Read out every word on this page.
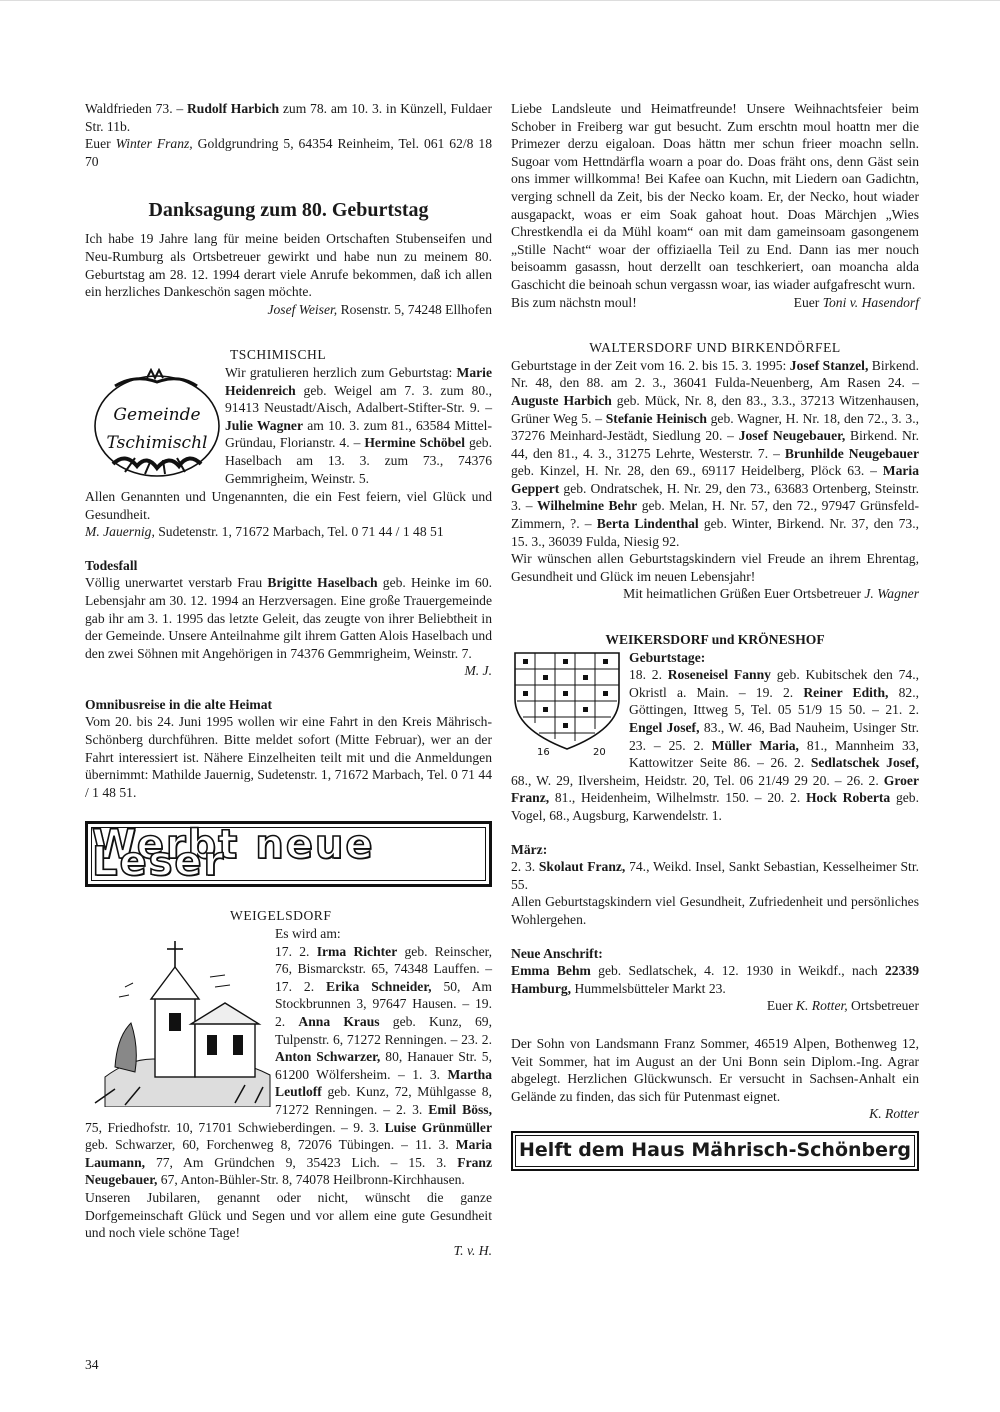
Waldfrieden 73. – Rudolf Harbich zum 78. am 10. 3. in Künzell, Fuldaer Str. 11b.

Euer Winter Franz, Goldgrundring 5, 64354 Reinheim, Tel. 061 62/8 18 70

Danksagung zum 80. Geburtstag

Ich habe 19 Jahre lang für meine beiden Ortschaften Stubenseifen und Neu-Rumburg als Ortsbetreuer gewirkt und habe nun zu meinem 80. Geburtstag am 28. 12. 1994 derart viele Anrufe bekommen, daß ich allen ein herzliches Dankeschön sagen möchte.

Josef Weiser, Rosenstr. 5, 74248 Ellhofen

TSCHIMISCHL
Gemeinde
Tschimischl

Wir gratulieren herzlich zum Geburtstag: Marie Heidenreich geb. Weigel am 7. 3. zum 80., 91413 Neustadt/Aisch, Adalbert-Stifter-Str. 9. – Julie Wagner am 10. 3. zum 81., 63584 Mittel-Gründau, Florianstr. 4. – Hermine Schöbel geb. Haselbach am 13. 3. zum 73., 74376 Gemmrigheim, Weinstr. 5.

Allen Genannten und Ungenannten, die ein Fest feiern, viel Glück und Gesundheit.

M. Jauernig, Sudetenstr. 1, 71672 Marbach, Tel. 0 71 44 / 1 48 51

Todesfall

Völlig unerwartet verstarb Frau Brigitte Haselbach geb. Heinke im 60. Lebensjahr am 30. 12. 1994 an Herzversagen. Eine große Trauergemeinde gab ihr am 3. 1. 1995 das letzte Geleit, das zeugte von ihrer Beliebtheit in der Gemeinde. Unsere Anteilnahme gilt ihrem Gatten Alois Haselbach und den zwei Söhnen mit Angehörigen in 74376 Gemmrigheim, Weinstr. 7.

M. J.

Omnibusreise in die alte Heimat

Vom 20. bis 24. Juni 1995 wollen wir eine Fahrt in den Kreis Mährisch-Schönberg durchführen. Bitte meldet sofort (Mitte Februar), wer an der Fahrt interessiert ist. Nähere Einzelheiten teilt mit und die Anmeldungen übernimmt: Mathilde Jauernig, Sudetenstr. 1, 71672 Marbach, Tel. 0 71 44 / 1 48 51.

Werbt neue Leser
WEIGELSDORF

Es wird am:
17. 2. Irma Richter geb. Reinscher, 76, Bismarckstr. 65, 74348 Lauffen. – 17. 2. Erika Schneider, 50, Am Stockbrunnen 3, 97647 Hausen. – 19. 2. Anna Kraus geb. Kunz, 69, Tulpenstr. 6, 71272 Renningen. – 23. 2. Anton Schwarzer, 80, Hanauer Str. 5, 61200 Wölfersheim. – 1. 3. Martha Leutloff geb. Kunz, 72, Mühlgasse 8, 71272 Renningen. – 2. 3. Emil Böss, 75, Friedhofstr. 10, 71701 Schwieberdingen. – 9. 3. Luise Grünmüller geb. Schwarzer, 60, Forchenweg 8, 72076 Tübingen. – 11. 3. Maria Laumann, 77, Am Gründchen 9, 35423 Lich. – 15. 3. Franz Neugebauer, 67, Anton-Bühler-Str. 8, 74078 Heilbronn-Kirchhausen.

Unseren Jubilaren, genannt oder nicht, wünscht die ganze Dorfgemeinschaft Glück und Segen und vor allem eine gute Gesundheit und noch viele schöne Tage!

T. v. H.

Liebe Landsleute und Heimatfreunde! Unsere Weihnachtsfeier beim Schober in Freiberg war gut besucht. Zum erschtn moul hoattn mer die Primezer derzu eigaloan. Doas hättn mer schun frieer moachn selln. Sugoar vom Hettndärfla woarn a poar do. Doas fräht ons, denn Gäst sein ons immer willkomma! Bei Kafee oan Kuchn, mit Liedern oan Gadichtn, verging schnell da Zeit, bis der Necko koam. Er, der Necko, hout wiader ausgapackt, woas er eim Soak gahoat hout. Doas Märchjen „Wies Chrestkendla ei da Mühl koam“ oan mit dam gameinsoam gasongenem „Stille Nacht“ woar der offiziaella Teil zu End. Dann ias mer nouch beisoamm gasassn, hout derzellt oan teschkeriert, oan moancha alda Gaschicht die beinoah schun vergassn woar, ias wiader aufgafrescht wurn.

Bis zum nächstn moul!	Euer Toni v. Hasendorf
WALTERSDORF UND BIRKENDÖRFEL

Geburtstage in der Zeit vom 16. 2. bis 15. 3. 1995: Josef Stanzel, Birkend. Nr. 48, den 88. am 2. 3., 36041 Fulda-Neuenberg, Am Rasen 24. – Auguste Harbich geb. Mück, Nr. 8, den 83., 3.3., 37213 Witzenhausen, Grüner Weg 5. – Stefanie Heinisch geb. Wagner, H. Nr. 18, den 72., 3. 3., 37276 Meinhard-Jestädt, Siedlung 20. – Josef Neugebauer, Birkend. Nr. 44, den 81., 4. 3., 31275 Lehrte, Westerstr. 7. – Brunhilde Neugebauer geb. Kinzel, H. Nr. 28, den 69., 69117 Heidelberg, Plöck 63. – Maria Geppert geb. Ondratschek, H. Nr. 29, den 73., 63683 Ortenberg, Steinstr. 3. – Wilhelmine Behr geb. Melan, H. Nr. 57, den 72., 97947 Grünsfeld-Zimmern, ?. – Berta Lindenthal geb. Winter, Birkend. Nr. 37, den 73., 15. 3., 36039 Fulda, Niesig 92.

Wir wünschen allen Geburtstagskindern viel Freude an ihrem Ehrentag, Gesundheit und Glück im neuen Lebensjahr!

Mit heimatlichen Grüßen Euer Ortsbetreuer J. Wagner

WEIKERSDORF und KRÖNESHOF
16	20
Geburtstage:

18. 2. Roseneisel Fanny geb. Kubitschek den 74., Okristl a. Main. – 19. 2. Reiner Edith, 82., Göttingen, Ittweg 5, Tel. 05 51/9 15 50. – 21. 2. Engel Josef, 83., W. 46, Bad Nauheim, Usinger Str. 23. – 25. 2. Müller Maria, 81., Mannheim 33, Kattowitzer Seite 86. – 26. 2. Sedlatschek Josef, 68., W. 29, Ilversheim, Heidstr. 20, Tel. 06 21/49 29 20. – 26. 2. Groer Franz, 81., Heidenheim, Wilhelmstr. 150. – 20. 2. Hock Roberta geb. Vogel, 68., Augsburg, Karwendelstr. 1.

März:

2. 3. Skolaut Franz, 74., Weikd. Insel, Sankt Sebastian, Kesselheimer Str. 55.

Allen Geburtstagskindern viel Gesundheit, Zufriedenheit und persönliches Wohlergehen.

Neue Anschrift:

Emma Behm geb. Sedlatschek, 4. 12. 1930 in Weikdf., nach 22339 Hamburg, Hummelsbütteler Markt 23.

Euer K. Rotter, Ortsbetreuer

Der Sohn von Landsmann Franz Sommer, 46519 Alpen, Bothenweg 12, Veit Sommer, hat im August an der Uni Bonn sein Diplom.-Ing. Agrar abgelegt. Herzlichen Glückwunsch. Er versucht in Sachsen-Anhalt ein Gelände zu finden, das sich für Putenmast eignet.

K. Rotter

Helft dem Haus Mährisch-Schönberg
34
